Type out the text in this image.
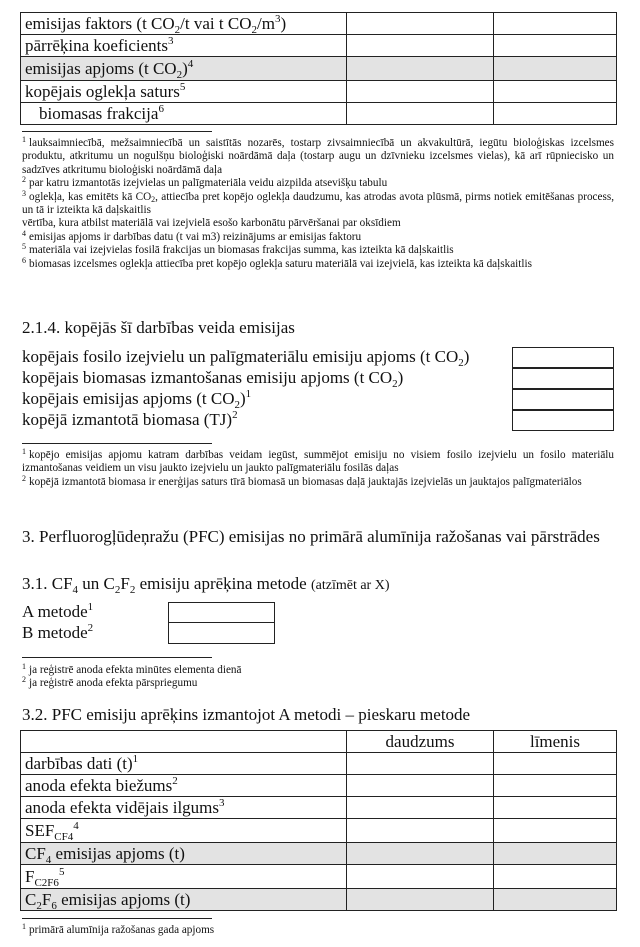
emisijas faktors (t $CO_2/t$ vai t $CO_2/m^3$)		
pārrēķina koeficients$^3$		
emisijas apjoms (t $CO_2)^4$		
kopējais oglekļa saturs$^5$		
biomasas frakcija$^6$		

$^1$ lauksaimniecībā, mežsaimniecībā un saistītās nozarēs, tostarp zivsaimniecībā un akvakultūrā, iegūtu bioloģiskas izcelsmes produktu, atkritumu un nogulšņu bioloģiski noārdāmā daļa (tostarp augu un dzīvnieku izcelsmes vielas), kā arī rūpniecisko un sadzīves atkritumu bioloģiski noārdāmā daļa

$^2$ par katru izmantotās izejvielas un palīgmateriāla veidu aizpilda atsevišķu tabulu

$^3$ oglekļa, kas emitēts kā $CO_2$, attiecība pret kopējo oglekļa daudzumu, kas atrodas avota plūsmā, pirms notiek emitēšanas process, un tā ir izteikta kā daļskaitlis

vērtība, kura atbilst materiālā vai izejvielā esošo karbonātu pārvēršanai par oksīdiem

$^4$ emisijas apjoms ir darbības datu (t vai m3) reizinājums ar emisijas faktoru

$^5$ materiāla vai izejvielas fosilā frakcijas un biomasas frakcijas summa, kas izteikta kā daļskaitlis

$^6$ biomasas izcelsmes oglekļa attiecība pret kopējo oglekļa saturu materiālā vai izejvielā, kas izteikta kā daļskaitlis

2.1.4. kopējās šī darbības veida emisijas
kopējais fosilo izejvielu un palīgmateriālu emisiju apjoms (t $CO_2$)
kopējais biomasas izmantošanas emisiju apjoms (t $CO_2$)
kopējais emisijas apjoms (t $CO_2)^1$
kopējā izmantotā biomasa (TJ)$^2$

$^1$ kopējo emisijas apjomu katram darbības veidam iegūst, summējot emisiju no visiem fosilo izejvielu un fosilo materiālu izmantošanas veidiem un visu jaukto izejvielu un jaukto palīgmateriālu fosilās daļas

$^2$ kopējā izmantotā biomasa ir enerģijas saturs tīrā biomasā un biomasas daļā jauktajās izejvielās un jauktajos palīgmateriālos

3. Perfluorogļūdeņražu (PFC) emisijas no primārā alumīnija ražošanas vai pārstrādes
3.1. $CF_4$ un $C_2F_2$ emisiju aprēķina metode (atzīmēt ar X)
A metode$^1$
B metode$^2$

$^1$ ja reģistrē anoda efekta minūtes elementa dienā

$^2$ ja reģistrē anoda efekta pārspriegumu

3.2. PFC emisiju aprēķins izmantojot A metodi – pieskaru metode
	daudzums	līmenis
darbības dati $(t)^1$		
anoda efekta biežums$^2$		
anoda efekta vidējais ilgums$^3$		
$SEF_{CF4}^4$		
$CF_4$ emisijas apjoms (t)		
$F_{C2F6}^5$		
$C_2F_6$ emisijas apjoms (t)		

$^1$ primārā alumīnija ražošanas gada apjoms
